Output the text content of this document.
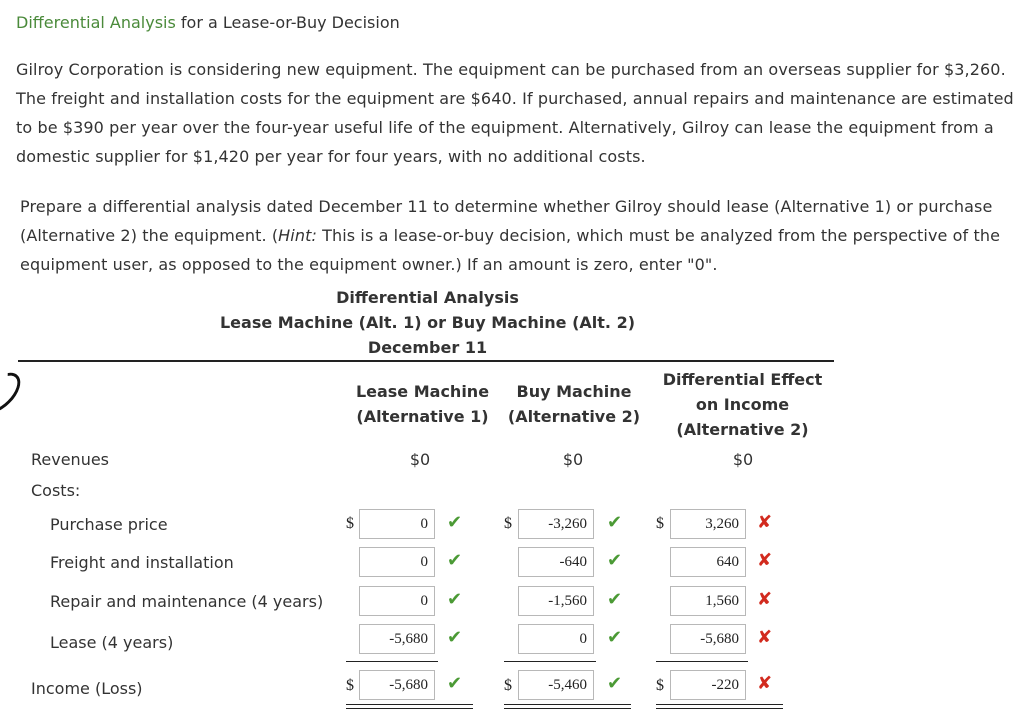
Differential Analysis for a Lease-or-Buy Decision
Gilroy Corporation is considering new equipment. The equipment can be purchased from an overseas supplier for $3,260. The freight and installation costs for the equipment are $640. If purchased, annual repairs and maintenance are estimated to be $390 per year over the four-year useful life of the equipment. Alternatively, Gilroy can lease the equipment from a domestic supplier for $1,420 per year for four years, with no additional costs.
Prepare a differential analysis dated December 11 to determine whether Gilroy should lease (Alternative 1) or purchase (Alternative 2) the equipment. (Hint: This is a lease-or-buy decision, which must be analyzed from the perspective of the equipment user, as opposed to the equipment owner.) If an amount is zero, enter "0".
Differential Analysis
Lease Machine (Alt. 1) or Buy Machine (Alt. 2)
December 11
Lease Machine
(Alternative 1)
Buy Machine
(Alternative 2)
Differential Effect
on Income
(Alternative 2)
Revenues	$0	$0	$0
Costs:
Purchase price	$	0	✔	$	-3,260	✔ $	3,260	✘
Freight and installation	0	✔	-640	✔	640	✘
Repair and maintenance (4 years)	0	✔	-1,560	✔	1,560	✘
Lease (4 years)	-5,680	✔	0	✔	-5,680	✘
Income (Loss)	$	-5,680	✔	$	-5,460	✔ $	-220	✘
